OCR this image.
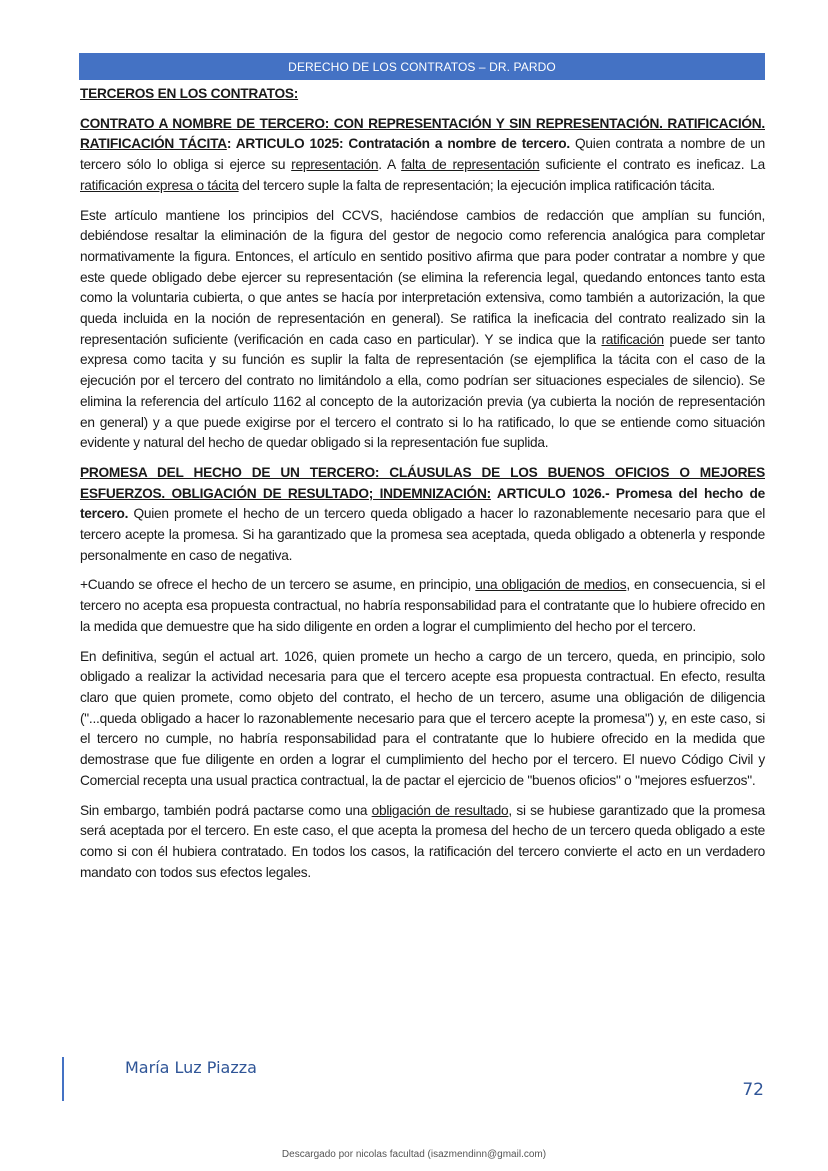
DERECHO DE LOS CONTRATOS – DR. PARDO

TERCEROS EN LOS CONTRATOS:

CONTRATO A NOMBRE DE TERCERO: CON REPRESENTACIÓN Y SIN REPRESENTACIÓN. RATIFICACIÓN. RATIFICACIÓN TÁCITA: ARTICULO 1025: Contratación a nombre de tercero. Quien contrata a nombre de un tercero sólo lo obliga si ejerce su representación. A falta de representación suficiente el contrato es ineficaz. La ratificación expresa o tácita del tercero suple la falta de representación; la ejecución implica ratificación tácita.

Este artículo mantiene los principios del CCVS, haciéndose cambios de redacción que amplían su función, debiéndose resaltar la eliminación de la figura del gestor de negocio como referencia analógica para completar normativamente la figura. Entonces, el artículo en sentido positivo afirma que para poder contratar a nombre y que este quede obligado debe ejercer su representación (se elimina la referencia legal, quedando entonces tanto esta como la voluntaria cubierta, o que antes se hacía por interpretación extensiva, como también a autorización, la que queda incluida en la noción de representación en general). Se ratifica la ineficacia del contrato realizado sin la representación suficiente (verificación en cada caso en particular). Y se indica que la ratificación puede ser tanto expresa como tacita y su función es suplir la falta de representación (se ejemplifica la tácita con el caso de la ejecución por el tercero del contrato no limitándolo a ella, como podrían ser situaciones especiales de silencio). Se elimina la referencia del artículo 1162 al concepto de la autorización previa (ya cubierta la noción de representación en general) y a que puede exigirse por el tercero el contrato si lo ha ratificado, lo que se entiende como situación evidente y natural del hecho de quedar obligado si la representación fue suplida.

PROMESA DEL HECHO DE UN TERCERO: CLÁUSULAS DE LOS BUENOS OFICIOS O MEJORES ESFUERZOS. OBLIGACIÓN DE RESULTADO; INDEMNIZACIÓN: ARTICULO 1026.- Promesa del hecho de tercero. Quien promete el hecho de un tercero queda obligado a hacer lo razonablemente necesario para que el tercero acepte la promesa. Si ha garantizado que la promesa sea aceptada, queda obligado a obtenerla y responde personalmente en caso de negativa.

+Cuando se ofrece el hecho de un tercero se asume, en principio, una obligación de medios, en consecuencia, si el tercero no acepta esa propuesta contractual, no habría responsabilidad para el contratante que lo hubiere ofrecido en la medida que demuestre que ha sido diligente en orden a lograr el cumplimiento del hecho por el tercero.

En definitiva, según el actual art. 1026, quien promete un hecho a cargo de un tercero, queda, en principio, solo obligado a realizar la actividad necesaria para que el tercero acepte esa propuesta contractual. En efecto, resulta claro que quien promete, como objeto del contrato, el hecho de un tercero, asume una obligación de diligencia ("...queda obligado a hacer lo razonablemente necesario para que el tercero acepte la promesa") y, en este caso, si el tercero no cumple, no habría responsabilidad para el contratante que lo hubiere ofrecido en la medida que demostrase que fue diligente en orden a lograr el cumplimiento del hecho por el tercero. El nuevo Código Civil y Comercial recepta una usual practica contractual, la de pactar el ejercicio de "buenos oficios" o "mejores esfuerzos".

Sin embargo, también podrá pactarse como una obligación de resultado, si se hubiese garantizado que la promesa será aceptada por el tercero. En este caso, el que acepta la promesa del hecho de un tercero queda obligado a este como si con él hubiera contratado. En todos los casos, la ratificación del tercero convierte el acto en un verdadero mandato con todos sus efectos legales.

María Luz Piazza
72
Descargado por nicolas facultad (isazmendinn@gmail.com)
